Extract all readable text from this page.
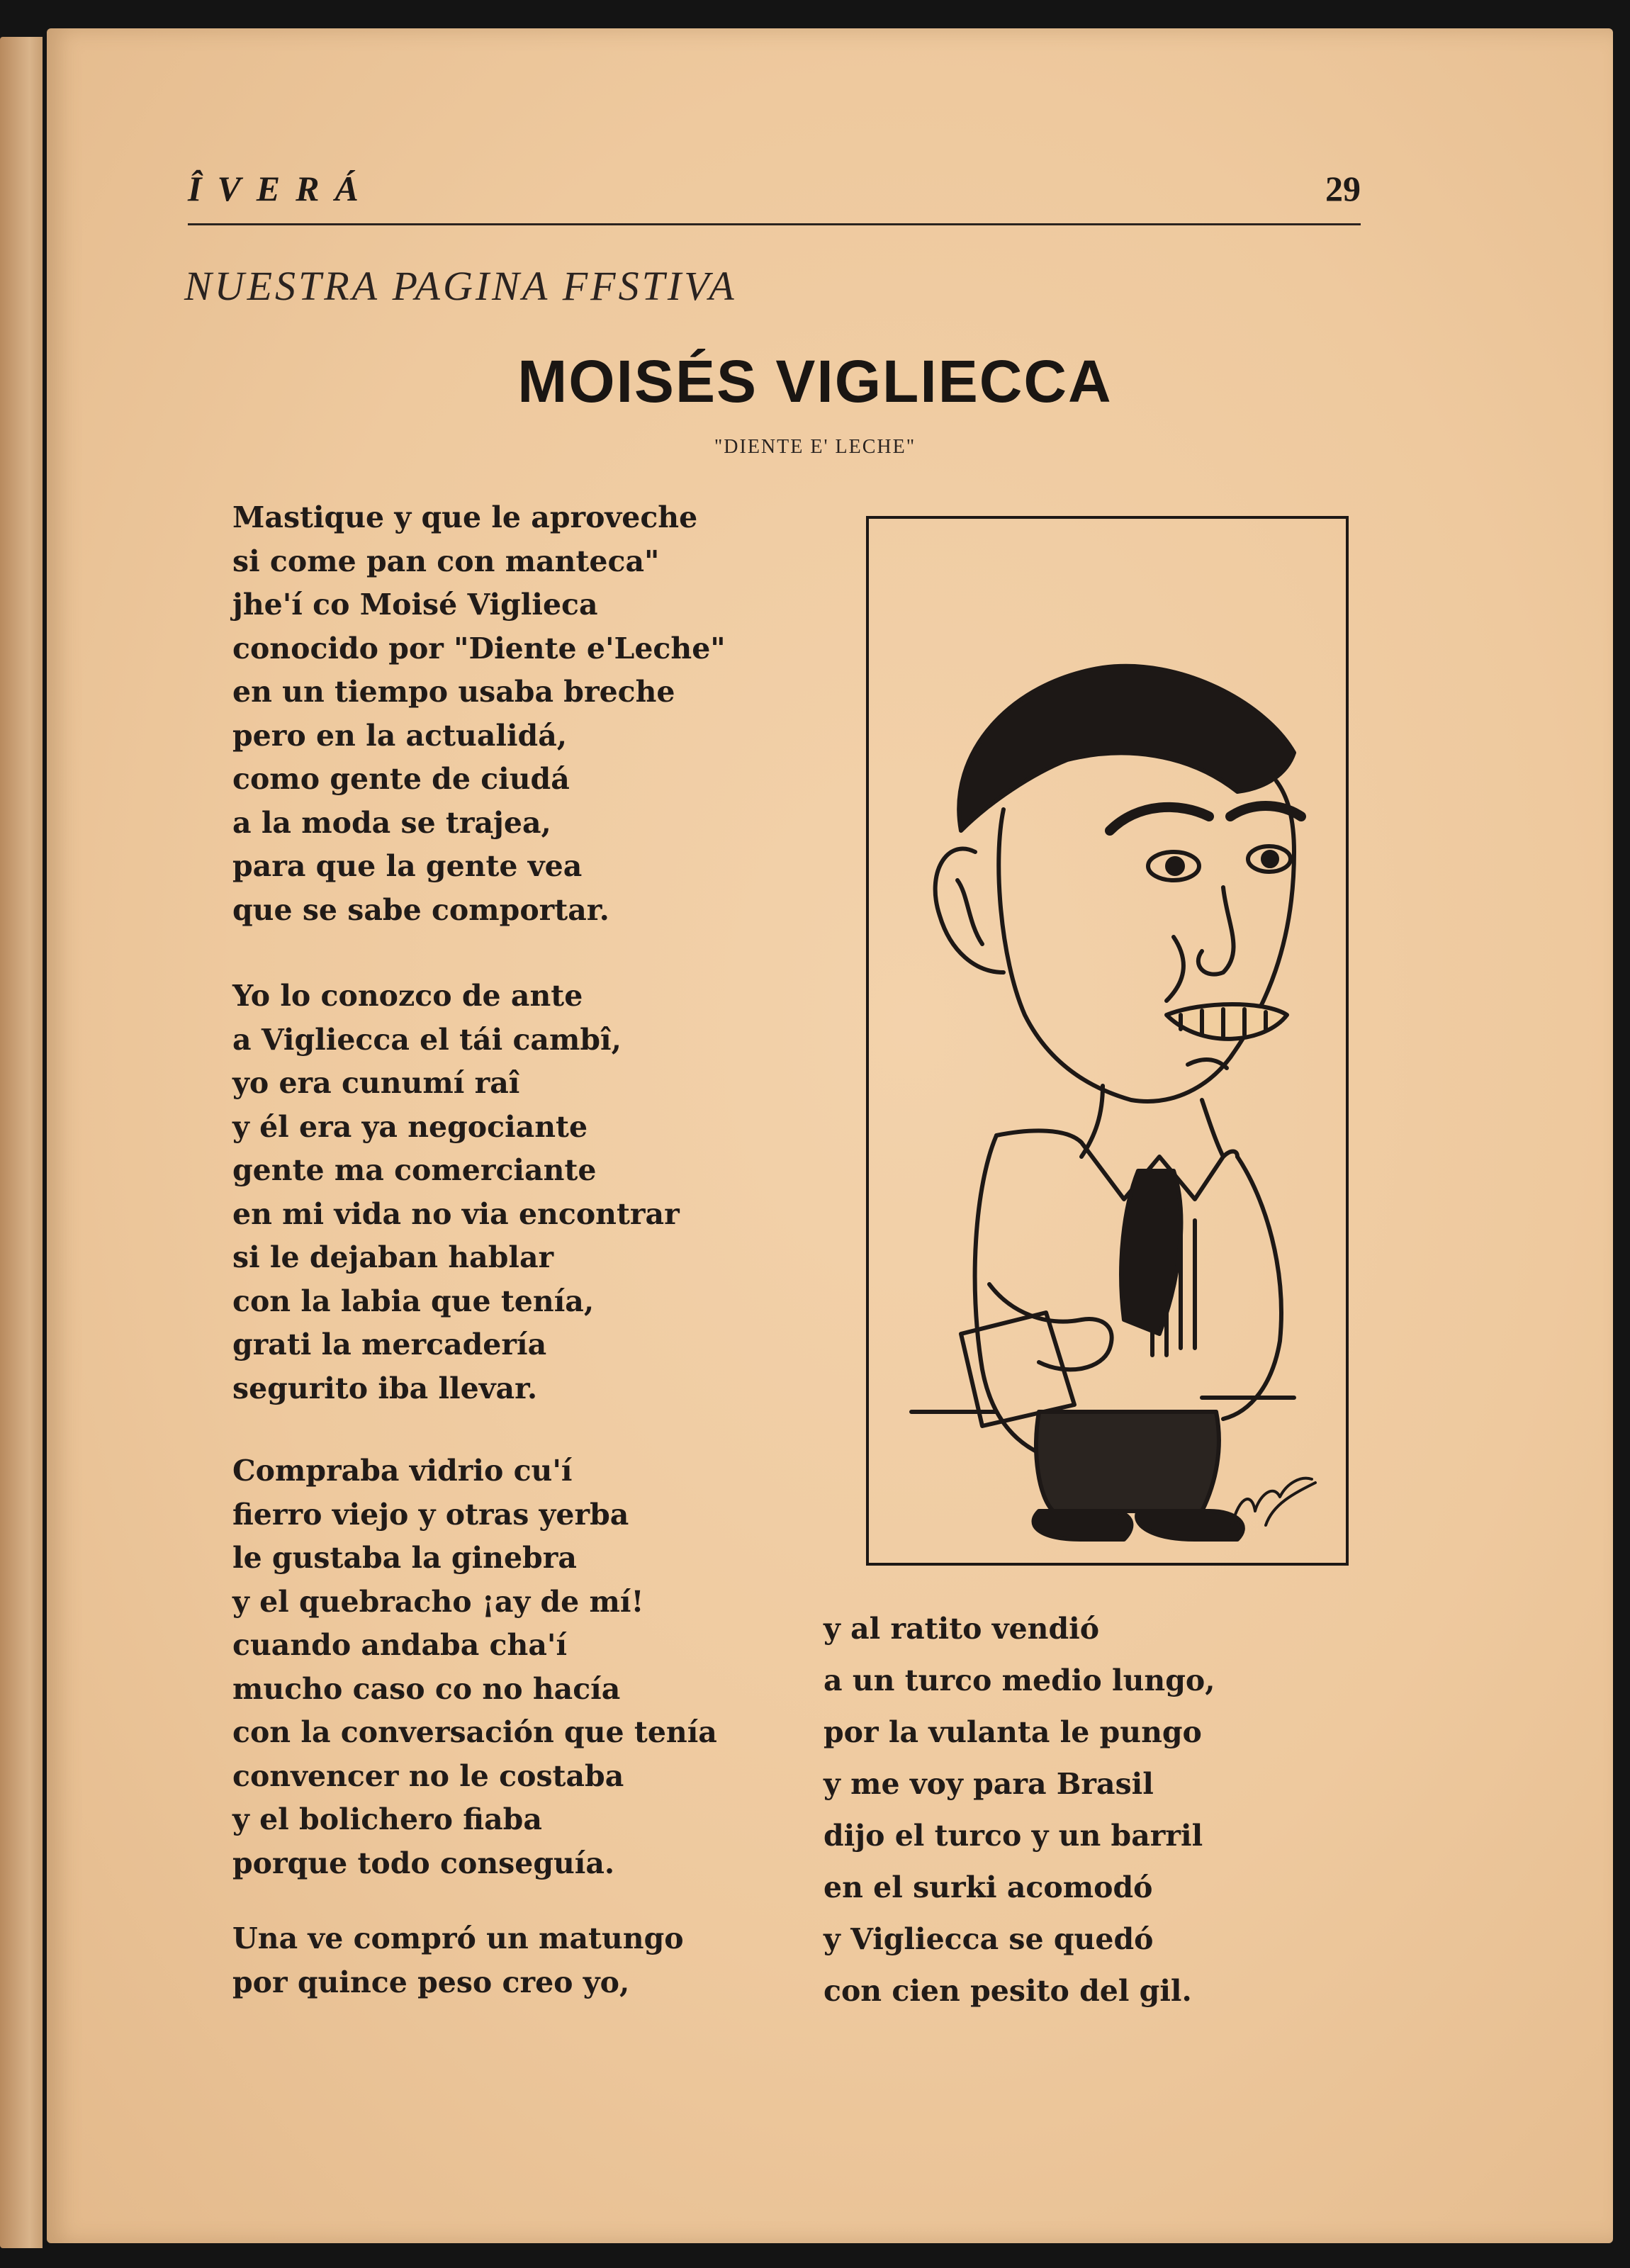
ÎVERÁ	29
NUESTRA PAGINA FFSTIVA
MOISÉS VIGLIECCA
"DIENTE E' LECHE"
Mastique y que le aproveche
si come pan con manteca"
jhe'í co Moisé Viglieca
conocido por "Diente e'Leche"
en un tiempo usaba breche
pero en la actualidá,
como gente de ciudá
a la moda se trajea,
para que la gente vea
que se sabe comportar.
Yo lo conozco de ante
a Vigliecca el tái cambî,
yo era cunumí raî
y él era ya negociante
gente ma comerciante
en mi vida no via encontrar
si le dejaban hablar
con la labia que tenía,
grati la mercadería
segurito iba llevar.
Compraba vidrio cu'í
fierro viejo y otras yerba
le gustaba la ginebra
y el quebracho ¡ay de mí!
cuando andaba cha'í
mucho caso co no hacía
con la conversación que tenía
convencer no le costaba
y el bolichero fiaba
porque todo conseguía.
Una ve compró un matungo
por quince peso creo yo,
y al ratito vendió
a un turco medio lungo,
por la vulanta le pungo
y me voy para Brasil
dijo el turco y un barril
en el surki acomodó
y Vigliecca se quedó
con cien pesito del gil.
